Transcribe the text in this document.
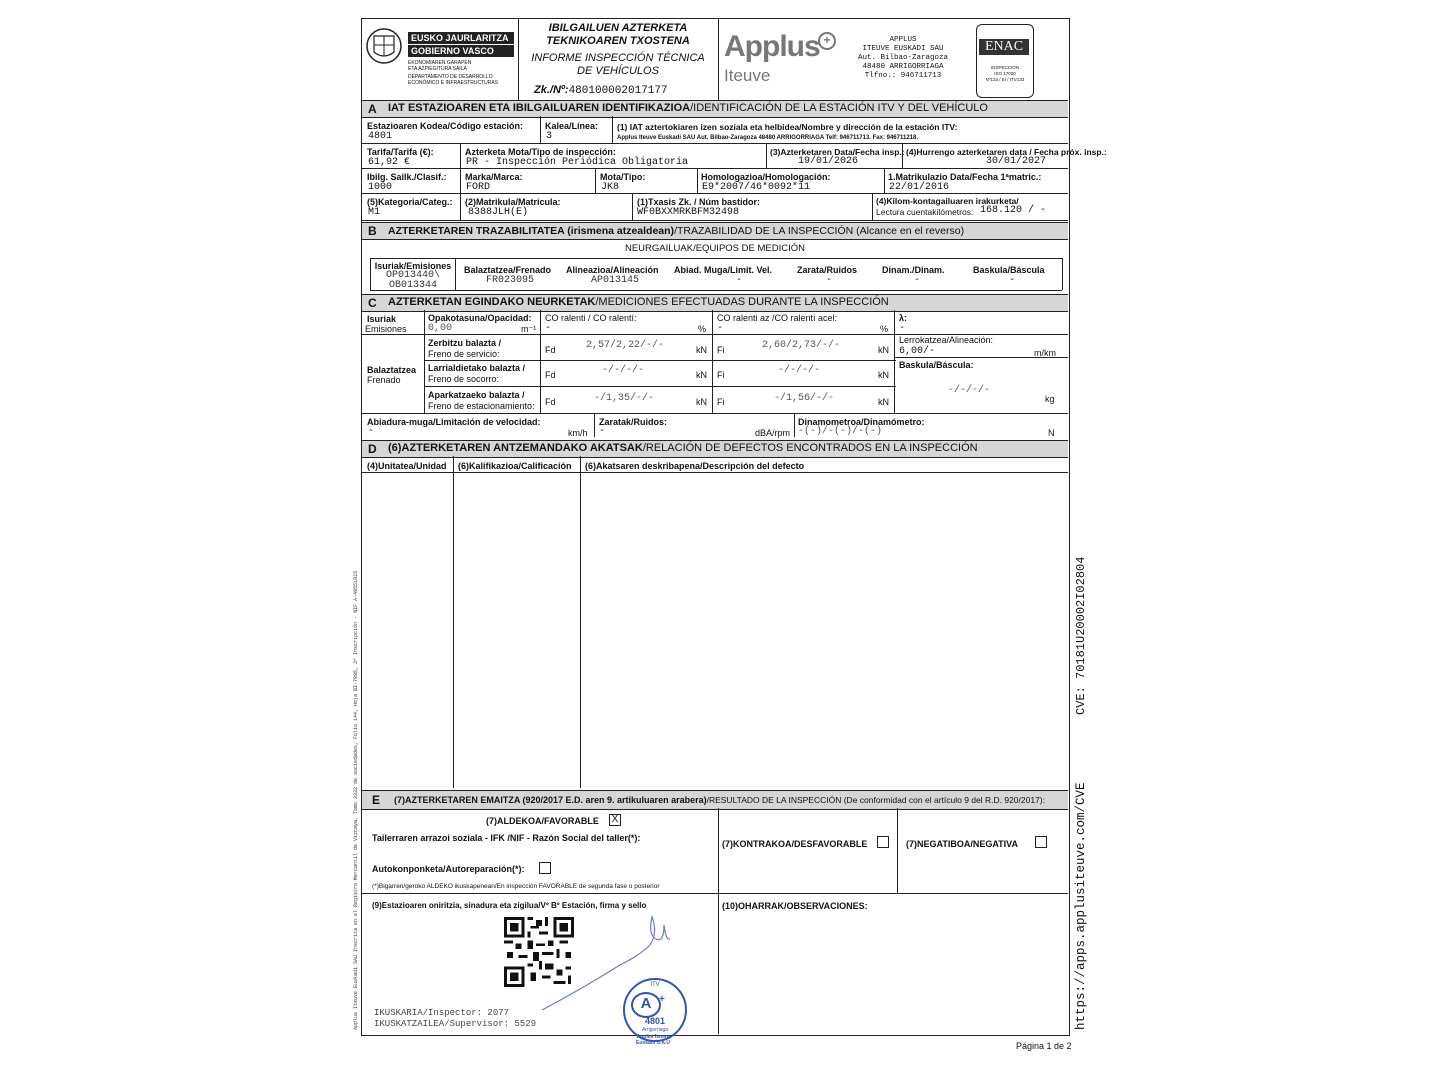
EUSKO JAURLARITZA
GOBIERNO VASCO
EKONOMIAREN GARAPEN
ETA AZPIEGITURA SAILA
DEPARTAMENTO DE DESARROLLO
ECONÓMICO E INFRAESTRUCTURAS
IBILGAILUEN AZTERKETA
TEKNIKOAREN TXOSTENA
INFORME INSPECCIÓN TÉCNICA
DE VEHÍCULOS
Zk./Nº:480100002017177
Applus +
Iteuve
APPLUS
ITEUVE EUSKADI SAU
Aut. Bilbao-Zaragoza
48480 ARRIGORRIAGA
Tlfno.: 946711713
ENAC
INSPECCIÓN
ISO 17020
Nº133 / EI / ITV133
A IAT ESTAZIOAREN ETA IBILGAILUAREN IDENTIFIKAZIOA/IDENTIFICACIÓN DE LA ESTACIÓN ITV Y DEL VEHÍCULO
Estazioaren Kodea/Código estación:
4801
Kalea/Línea:
3
(1) IAT aztertokiaren izen soziala eta helbidea/Nombre y dirección de la estación ITV:
Applus Iteuve Euskadi SAU Aut. Bilbao-Zaragoza 48480 ARRIGORRIAGA Telf: 946711713. Fax: 946711218.
Tarifa/Tarifa (€):
61,92 €
Azterketa Mota/Tipo de inspección:
PR - Inspección Periódica Obligatoria
(3)Azterketaren Data/Fecha insp.:
19/01/2026
(4)Hurrengo azterketaren data / Fecha próx. insp.:
30/01/2027
Ibilg. Sailk./Clasif.:
1000
Marka/Marca:
FORD
Mota/Tipo:
JK8
Homologazioa/Homologación:
E9*2007/46*0092*11
1.Matrikulazio Data/Fecha 1ªmatric.:
22/01/2016
(5)Kategoria/Categ.:
M1
(2)Matrikula/Matrícula:
8388JLH(E)
(1)Txasis Zk. / Núm bastidor:
WF0BXXMRKBFM32498
(4)Kilom-kontagailuaren irakurketa/
Lectura cuentakilómetros: 168.120 / -
B AZTERKETAREN TRAZABILITATEA (irismena atzealdean)/TRAZABILIDAD DE LA INSPECCIÓN (Alcance en el reverso)
NEURGAILUAK/EQUIPOS DE MEDICIÓN
Isuriak/Emisiones
OP013440\
OB013344
Balaztatzea/Frenado
FR023095
Alineazioa/Alineación
AP013145
Abiad. Muga/Limit. Vel.
-
Zarata/Ruidos
-
Dinam./Dinam.
-
Baskula/Báscula
-
C AZTERKETAN EGINDAKO NEURKETAK/MEDICIONES EFECTUADAS DURANTE LA INSPECCIÓN
Isuriak
Emisiones
Opakotasuna/Opacidad:
0,00	m⁻¹
CO ralenti / CO ralentí:
-	%
CO ralenti az /CO ralentí acel:
-	%
λ:
-
Balaztatzea
Frenado
Zerbitzu balazta /
Freno de servicio:	Fd	2,57/2,22/-/-	kN Fi	2,60/2,73/-/-	kN
Larrialdietako balazta /
Freno de socorro:	Fd	-/-/-/-	kN Fi	-/-/-/-	kN
Aparkatzaeko balazta /
Freno de estacionamiento: Fd	-/1,35/-/-	kN Fi	-/1,56/-/-	kN
Lerrokatzea/Alineación:
6,00/-	m/km
Baskula/Báscula:
-/-/-/-
kg
Abiadura-muga/Limitación de velocidad:
-	km/h
Zaratak/Ruidos:
-	dBA/rpm
Dinamometroa/Dinamómetro:
-(-)/-(-)/-(-)	N
D (6)AZTERKETAREN ANTZEMANDAKO AKATSAK/RELACIÓN DE DEFECTOS ENCONTRADOS EN LA INSPECCIÓN
(4)Unitatea/Unidad (6)Kalifikazioa/Calificación (6)Akatsaren deskribapena/Descripción del defecto
E (7)AZTERKETAREN EMAITZA (920/2017 E.D. aren 9. artikuluaren arabera)/RESULTADO DE LA INSPECCIÓN (De conformidad con el artículo 9 del R.D. 920/2017):
(7)ALDEKOA/FAVORABLE X
Tailerraren arrazoi soziala - IFK /NIF - Razón Social del taller(*):
Autokonponketa/Autoreparación(*):
(*)Bigarren/geroko ALDEKO ikuskapenean/En inspección FAVORABLE de segunda fase o posterior
(7)KONTRAKOA/DESFAVORABLE	(7)NEGATIBOA/NEGATIVA
(9)Estazioaren oniritzia, sinadura eta zigilua/Vº Bº Estación, firma y sello	(10)OHARRAK/OBSERVACIONES:
ITV
A +
4801
Arrigorriaga
Applus Iteuve
Euskadi S.A.U
IKUSKARIA/Inspector: 2077
IKUSKATZAILEA/Supervisor: 5529
CVE: 70181U20002I02804
https://apps.applusiteuve.com/CVE
Applus Iteuve Euskadi SAU Inscrita en el Registro Mercantil de Vizcaya, Tomo 3332 de sociedades, Folio 144, Hoja BI-7985, 3ª Inscripción - NIF A-48551815
Página 1 de 2
